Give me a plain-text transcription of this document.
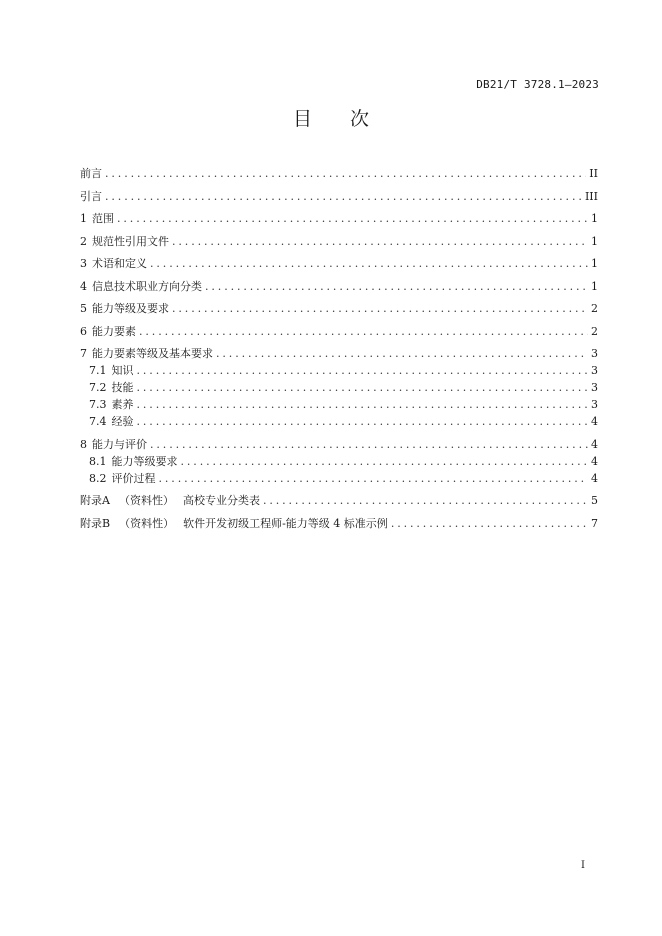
DB21/T 3728.1—2023
目 次
前言 .....	II
引言 .....	III
1 范围 .....	1
2 规范性引用文件 .....	1
3 术语和定义 .....	1
4 信息技术职业方向分类 .....	1
5 能力等级及要求 .....	2
6 能力要素 .....	2
7 能力要素等级及基本要求 .....	3
7.1 知识 .....	3
7.2 技能 .....	3
7.3 素养 .....	3
7.4 经验 .....	4
8 能力与评价 .....	4
8.1 能力等级要求 .....	4
8.2 评价过程 .....	4
附录A （资料性） 高校专业分类表 .....	5
附录B （资料性） 软件开发初级工程师-能力等级 4 标准示例 .....	7
I
